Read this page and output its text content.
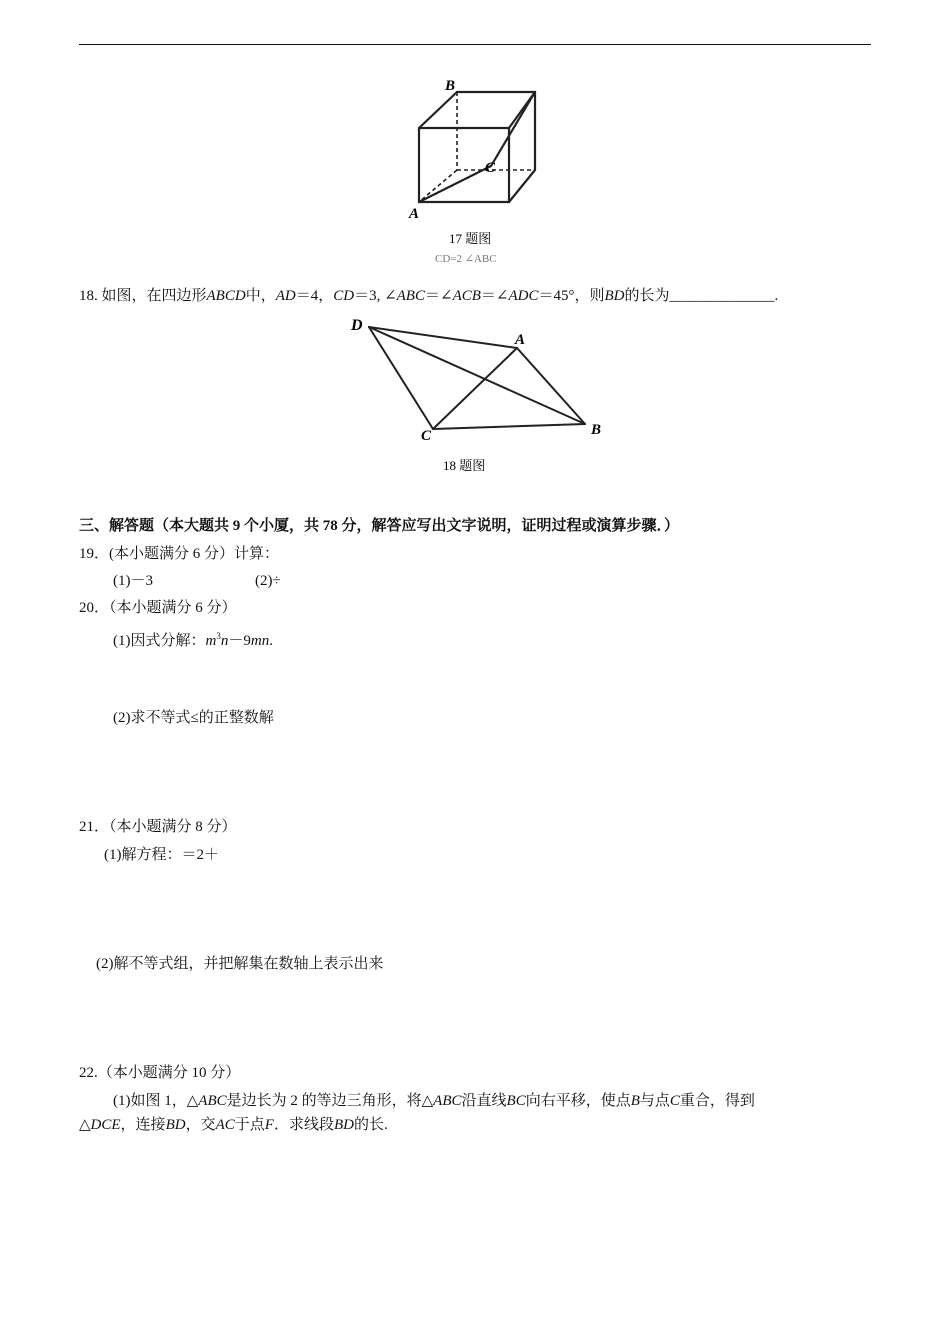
B
C
A
17 题图
CD=2 ∠ABC
18. 如图，在四边形ABCD中，AD＝4，CD＝3, ∠ABC＝∠ACB＝∠ADC＝45°，则BD的长为______________.
D
A
C	B
18 题图
三、解答题（本大题共 9 个小厦，共 78 分，解答应写出文字说明，证明过程或演算步骤．）
19．(本小题满分 6 分）计算：
(1)－3	(2)÷
20．（本小题满分 6 分）
(1)因式分解：$m^3n-9mn$.
(2)求不等式≤的正整数解
21．（本小题满分 8 分）
(1)解方程：＝2＋
(2)解不等式组，并把解集在数轴上表示出来
22.（本小题满分 10 分）
(1)如图 1，△ABC是边长为 2 的等边三角形，将△ABC沿直线BC向右平移，使点B与点C重合，得到
△DCE，连接BD，交AC于点F．求线段BD的长.
